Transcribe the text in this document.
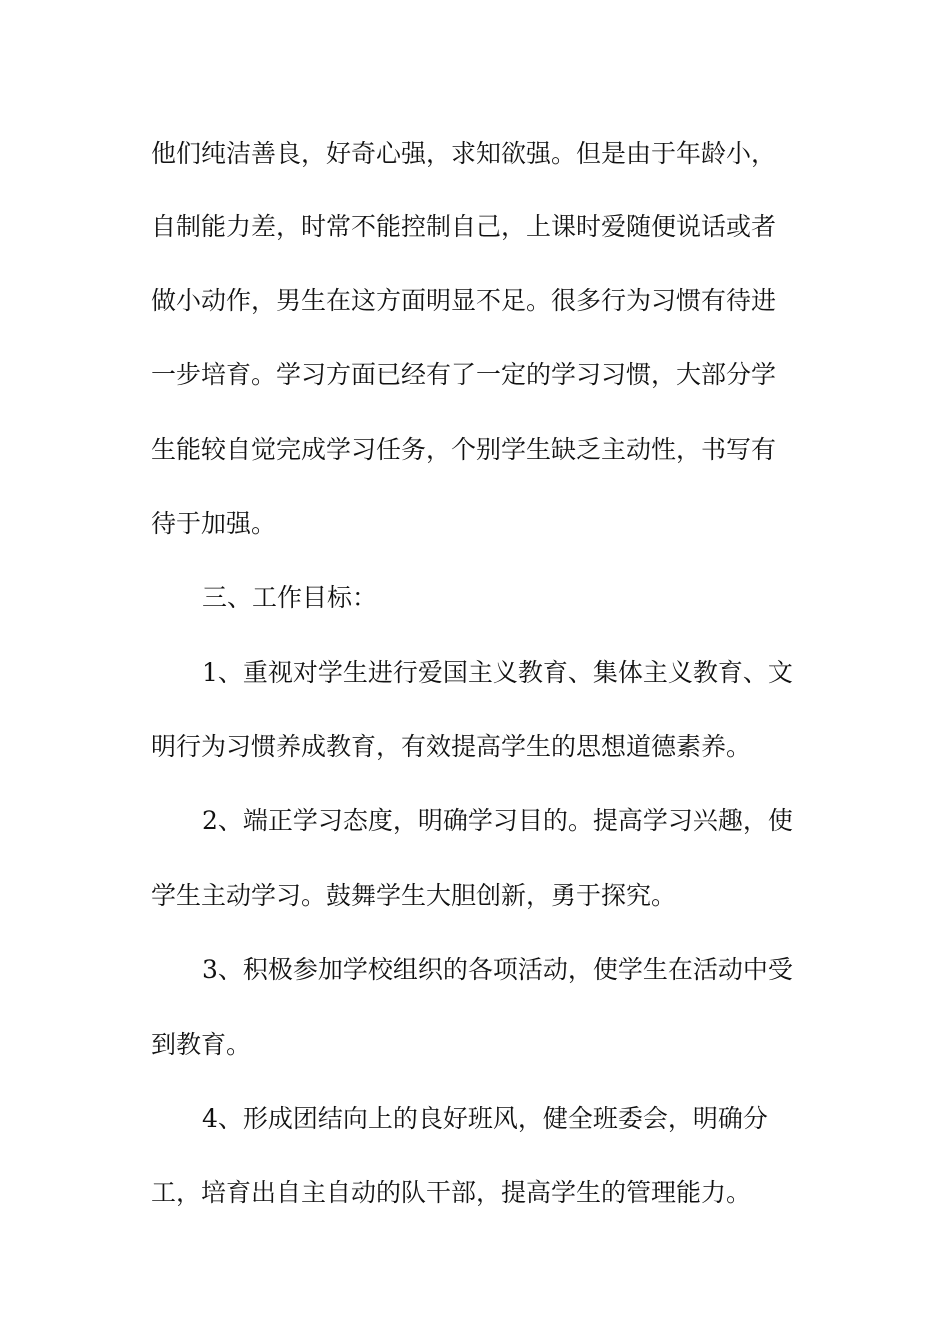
他们纯洁善良，好奇心强，求知欲强。但是由于年龄小，
自制能力差，时常不能控制自己，上课时爱随便说话或者
做小动作，男生在这方面明显不足。很多行为习惯有待进
一步培育。学习方面已经有了一定的学习习惯，大部分学
生能较自觉完成学习任务，个别学生缺乏主动性，书写有
待于加强。
三、工作目标：
1、重视对学生进行爱国主义教育、集体主义教育、文
明行为习惯养成教育，有效提高学生的思想道德素养。
2、端正学习态度，明确学习目的。提高学习兴趣，使
学生主动学习。鼓舞学生大胆创新，勇于探究。
3、积极参加学校组织的各项活动，使学生在活动中受
到教育。
4、形成团结向上的良好班风，健全班委会，明确分
工，培育出自主自动的队干部，提高学生的管理能力。
